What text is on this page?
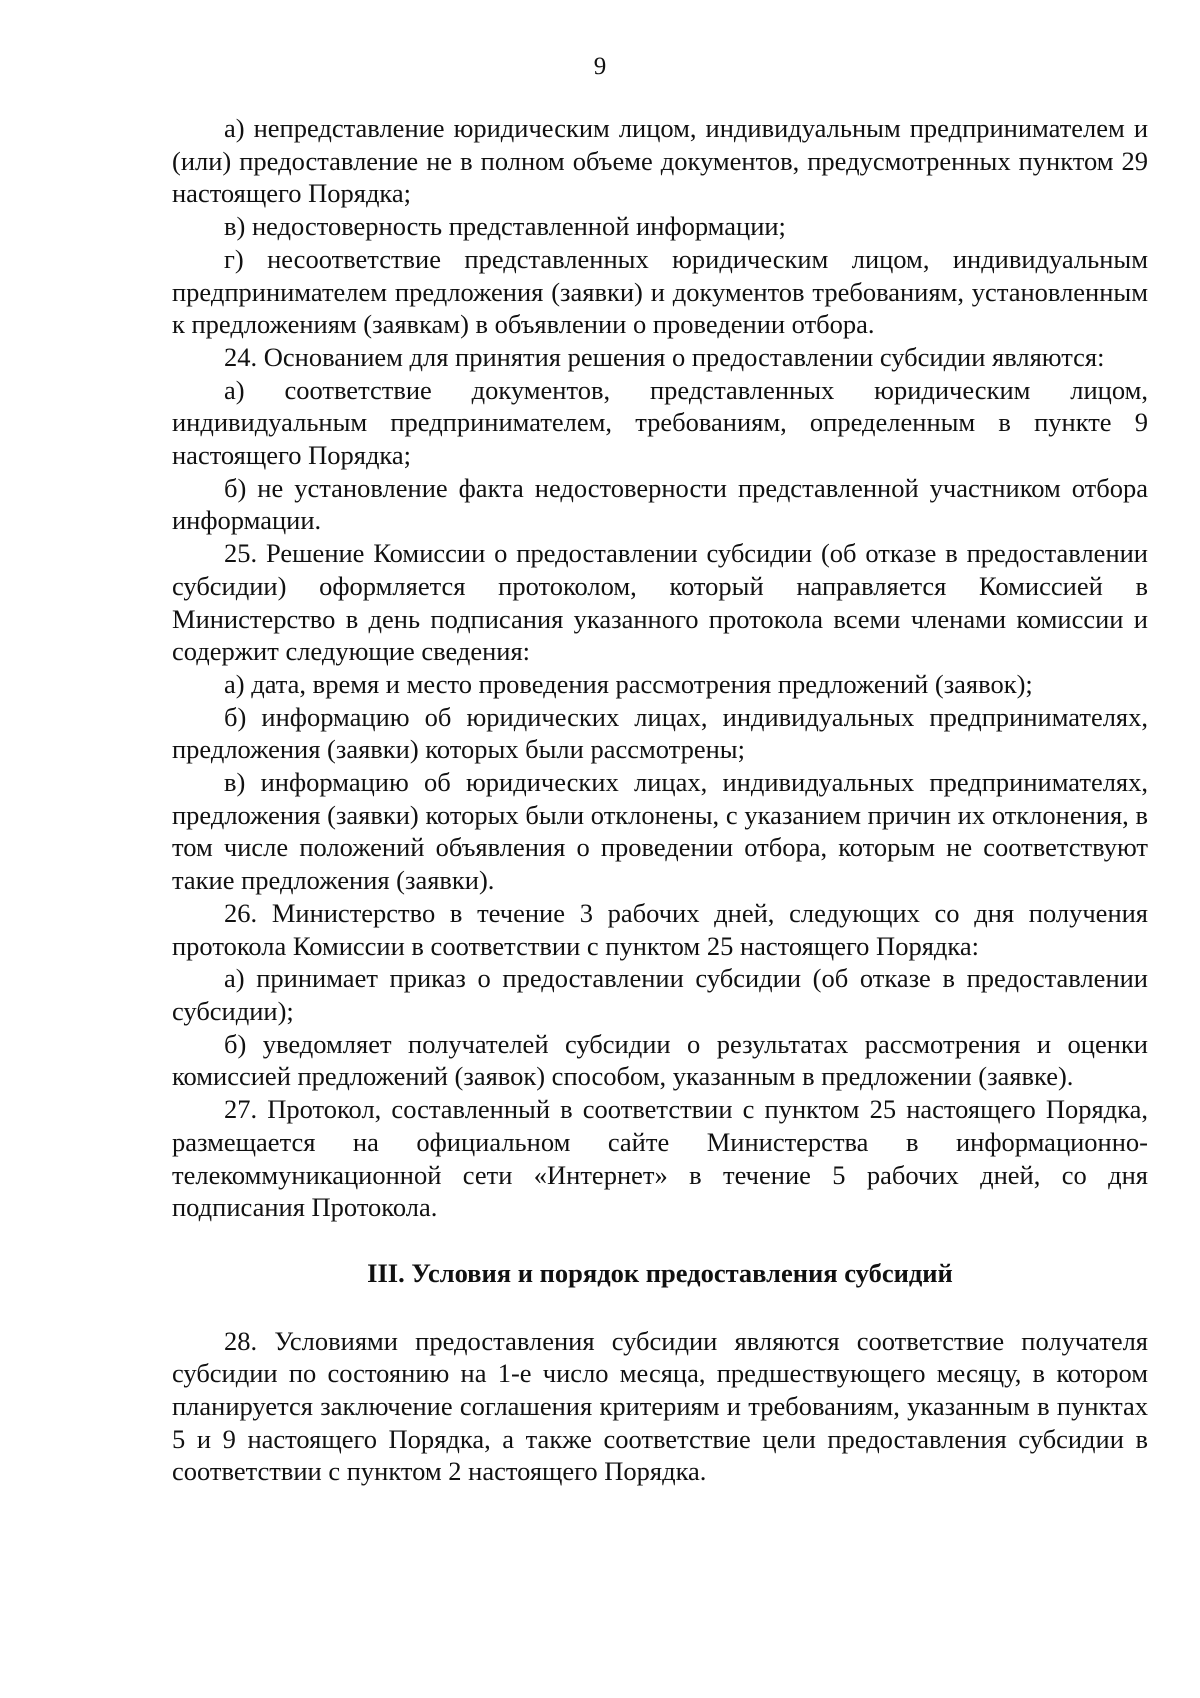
9

а) непредставление юридическим лицом, индивидуальным предпринимателем и (или) предоставление не в полном объеме документов, предусмотренных пунктом 29 настоящего Порядка;

в) недостоверность представленной информации;

г) несоответствие представленных юридическим лицом, индивидуальным предпринимателем предложения (заявки) и документов требованиям, установленным к предложениям (заявкам) в объявлении о проведении отбора.

24. Основанием для принятия решения о предоставлении субсидии являются:

а) соответствие документов, представленных юридическим лицом, индивидуальным предпринимателем, требованиям, определенным в пункте 9 настоящего Порядка;

б) не установление факта недостоверности представленной участником отбора информации.

25. Решение Комиссии о предоставлении субсидии (об отказе в предоставлении субсидии) оформляется протоколом, который направляется Комиссией в Министерство в день подписания указанного протокола всеми членами комиссии и содержит следующие сведения:

а) дата, время и место проведения рассмотрения предложений (заявок);

б) информацию об юридических лицах, индивидуальных предпринимателях, предложения (заявки) которых были рассмотрены;

в) информацию об юридических лицах, индивидуальных предпринимателях, предложения (заявки) которых были отклонены, с указанием причин их отклонения, в том числе положений объявления о проведении отбора, которым не соответствуют такие предложения (заявки).

26. Министерство в течение 3 рабочих дней, следующих со дня получения протокола Комиссии в соответствии с пунктом 25 настоящего Порядка:

а) принимает приказ о предоставлении субсидии (об отказе в предоставлении субсидии);

б) уведомляет получателей субсидии о результатах рассмотрения и оценки комиссией предложений (заявок) способом, указанным в предложении (заявке).

27. Протокол, составленный в соответствии с пунктом 25 настоящего Порядка, размещается на официальном сайте Министерства в информационно-телекоммуникационной сети «Интернет» в течение 5 рабочих дней, со дня подписания Протокола.

III. Условия и порядок предоставления субсидий

28. Условиями предоставления субсидии являются соответствие получателя субсидии по состоянию на 1-е число месяца, предшествующего месяцу, в котором планируется заключение соглашения критериям и требованиям, указанным в пунктах 5 и 9 настоящего Порядка, а также соответствие цели предоставления субсидии в соответствии с пунктом 2 настоящего Порядка.
